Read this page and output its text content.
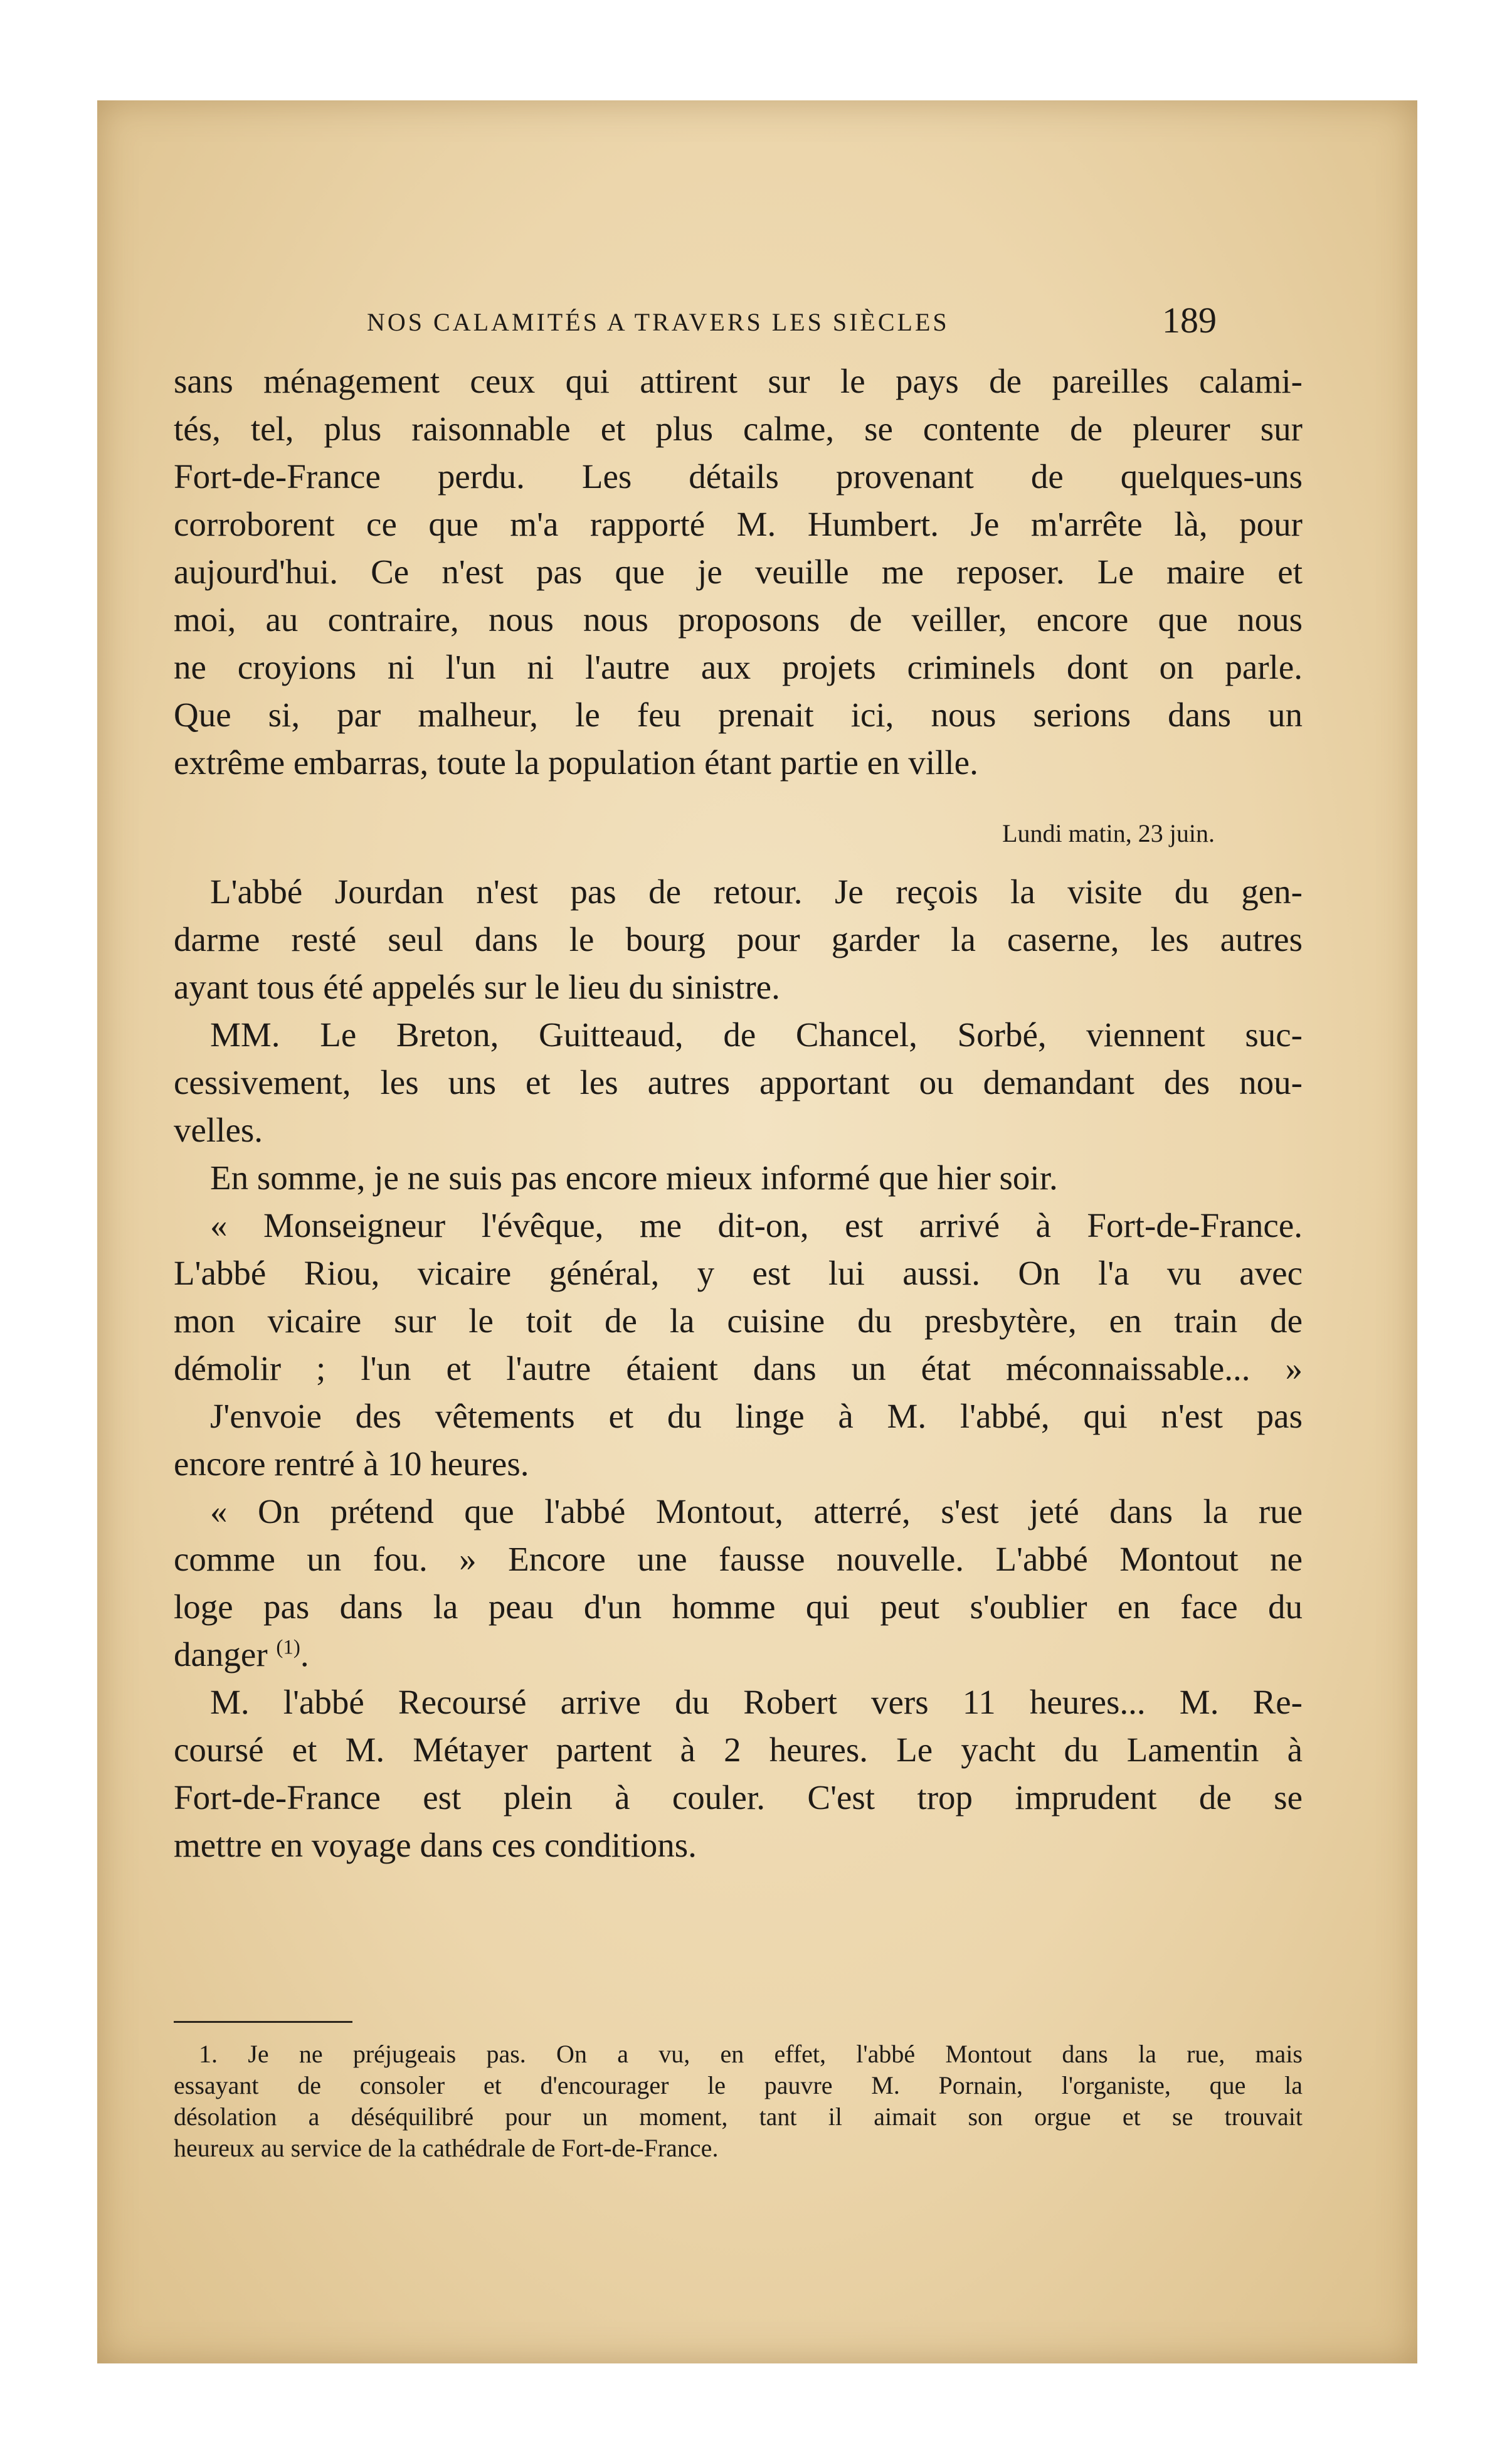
NOS CALAMITÉS A TRAVERS LES SIÈCLES	189
sans ménagement ceux qui attirent sur le pays de pareilles calami-
tés, tel, plus raisonnable et plus calme, se contente de pleurer sur
Fort-de-France perdu. Les détails provenant de quelques-uns
corroborent ce que m'a rapporté M. Humbert. Je m'arrête là, pour
aujourd'hui. Ce n'est pas que je veuille me reposer. Le maire et
moi, au contraire, nous nous proposons de veiller, encore que nous
ne croyions ni l'un ni l'autre aux projets criminels dont on parle.
Que si, par malheur, le feu prenait ici, nous serions dans un
extrême embarras, toute la population étant partie en ville.
Lundi matin, 23 juin.
L'abbé Jourdan n'est pas de retour. Je reçois la visite du gen-
darme resté seul dans le bourg pour garder la caserne, les autres
ayant tous été appelés sur le lieu du sinistre.
MM. Le Breton, Guitteaud, de Chancel, Sorbé, viennent suc-
cessivement, les uns et les autres apportant ou demandant des nou-
velles.
En somme, je ne suis pas encore mieux informé que hier soir.
« Monseigneur l'évêque, me dit-on, est arrivé à Fort-de-France.
L'abbé Riou, vicaire général, y est lui aussi. On l'a vu avec
mon vicaire sur le toit de la cuisine du presbytère, en train de
démolir ; l'un et l'autre étaient dans un état méconnaissable... »
J'envoie des vêtements et du linge à M. l'abbé, qui n'est pas
encore rentré à 10 heures.
« On prétend que l'abbé Montout, atterré, s'est jeté dans la rue
comme un fou. » Encore une fausse nouvelle. L'abbé Montout ne
loge pas dans la peau d'un homme qui peut s'oublier en face du
danger $^{(1)}$.
M. l'abbé Recoursé arrive du Robert vers 11 heures... M. Re-
coursé et M. Métayer partent à 2 heures. Le yacht du Lamentin à
Fort-de-France est plein à couler. C'est trop imprudent de se
mettre en voyage dans ces conditions.
1. Je ne préjugeais pas. On a vu, en effet, l'abbé Montout dans la rue, mais
essayant de consoler et d'encourager le pauvre M. Pornain, l'organiste, que la
désolation a déséquilibré pour un moment, tant il aimait son orgue et se trouvait
heureux au service de la cathédrale de Fort-de-France.
